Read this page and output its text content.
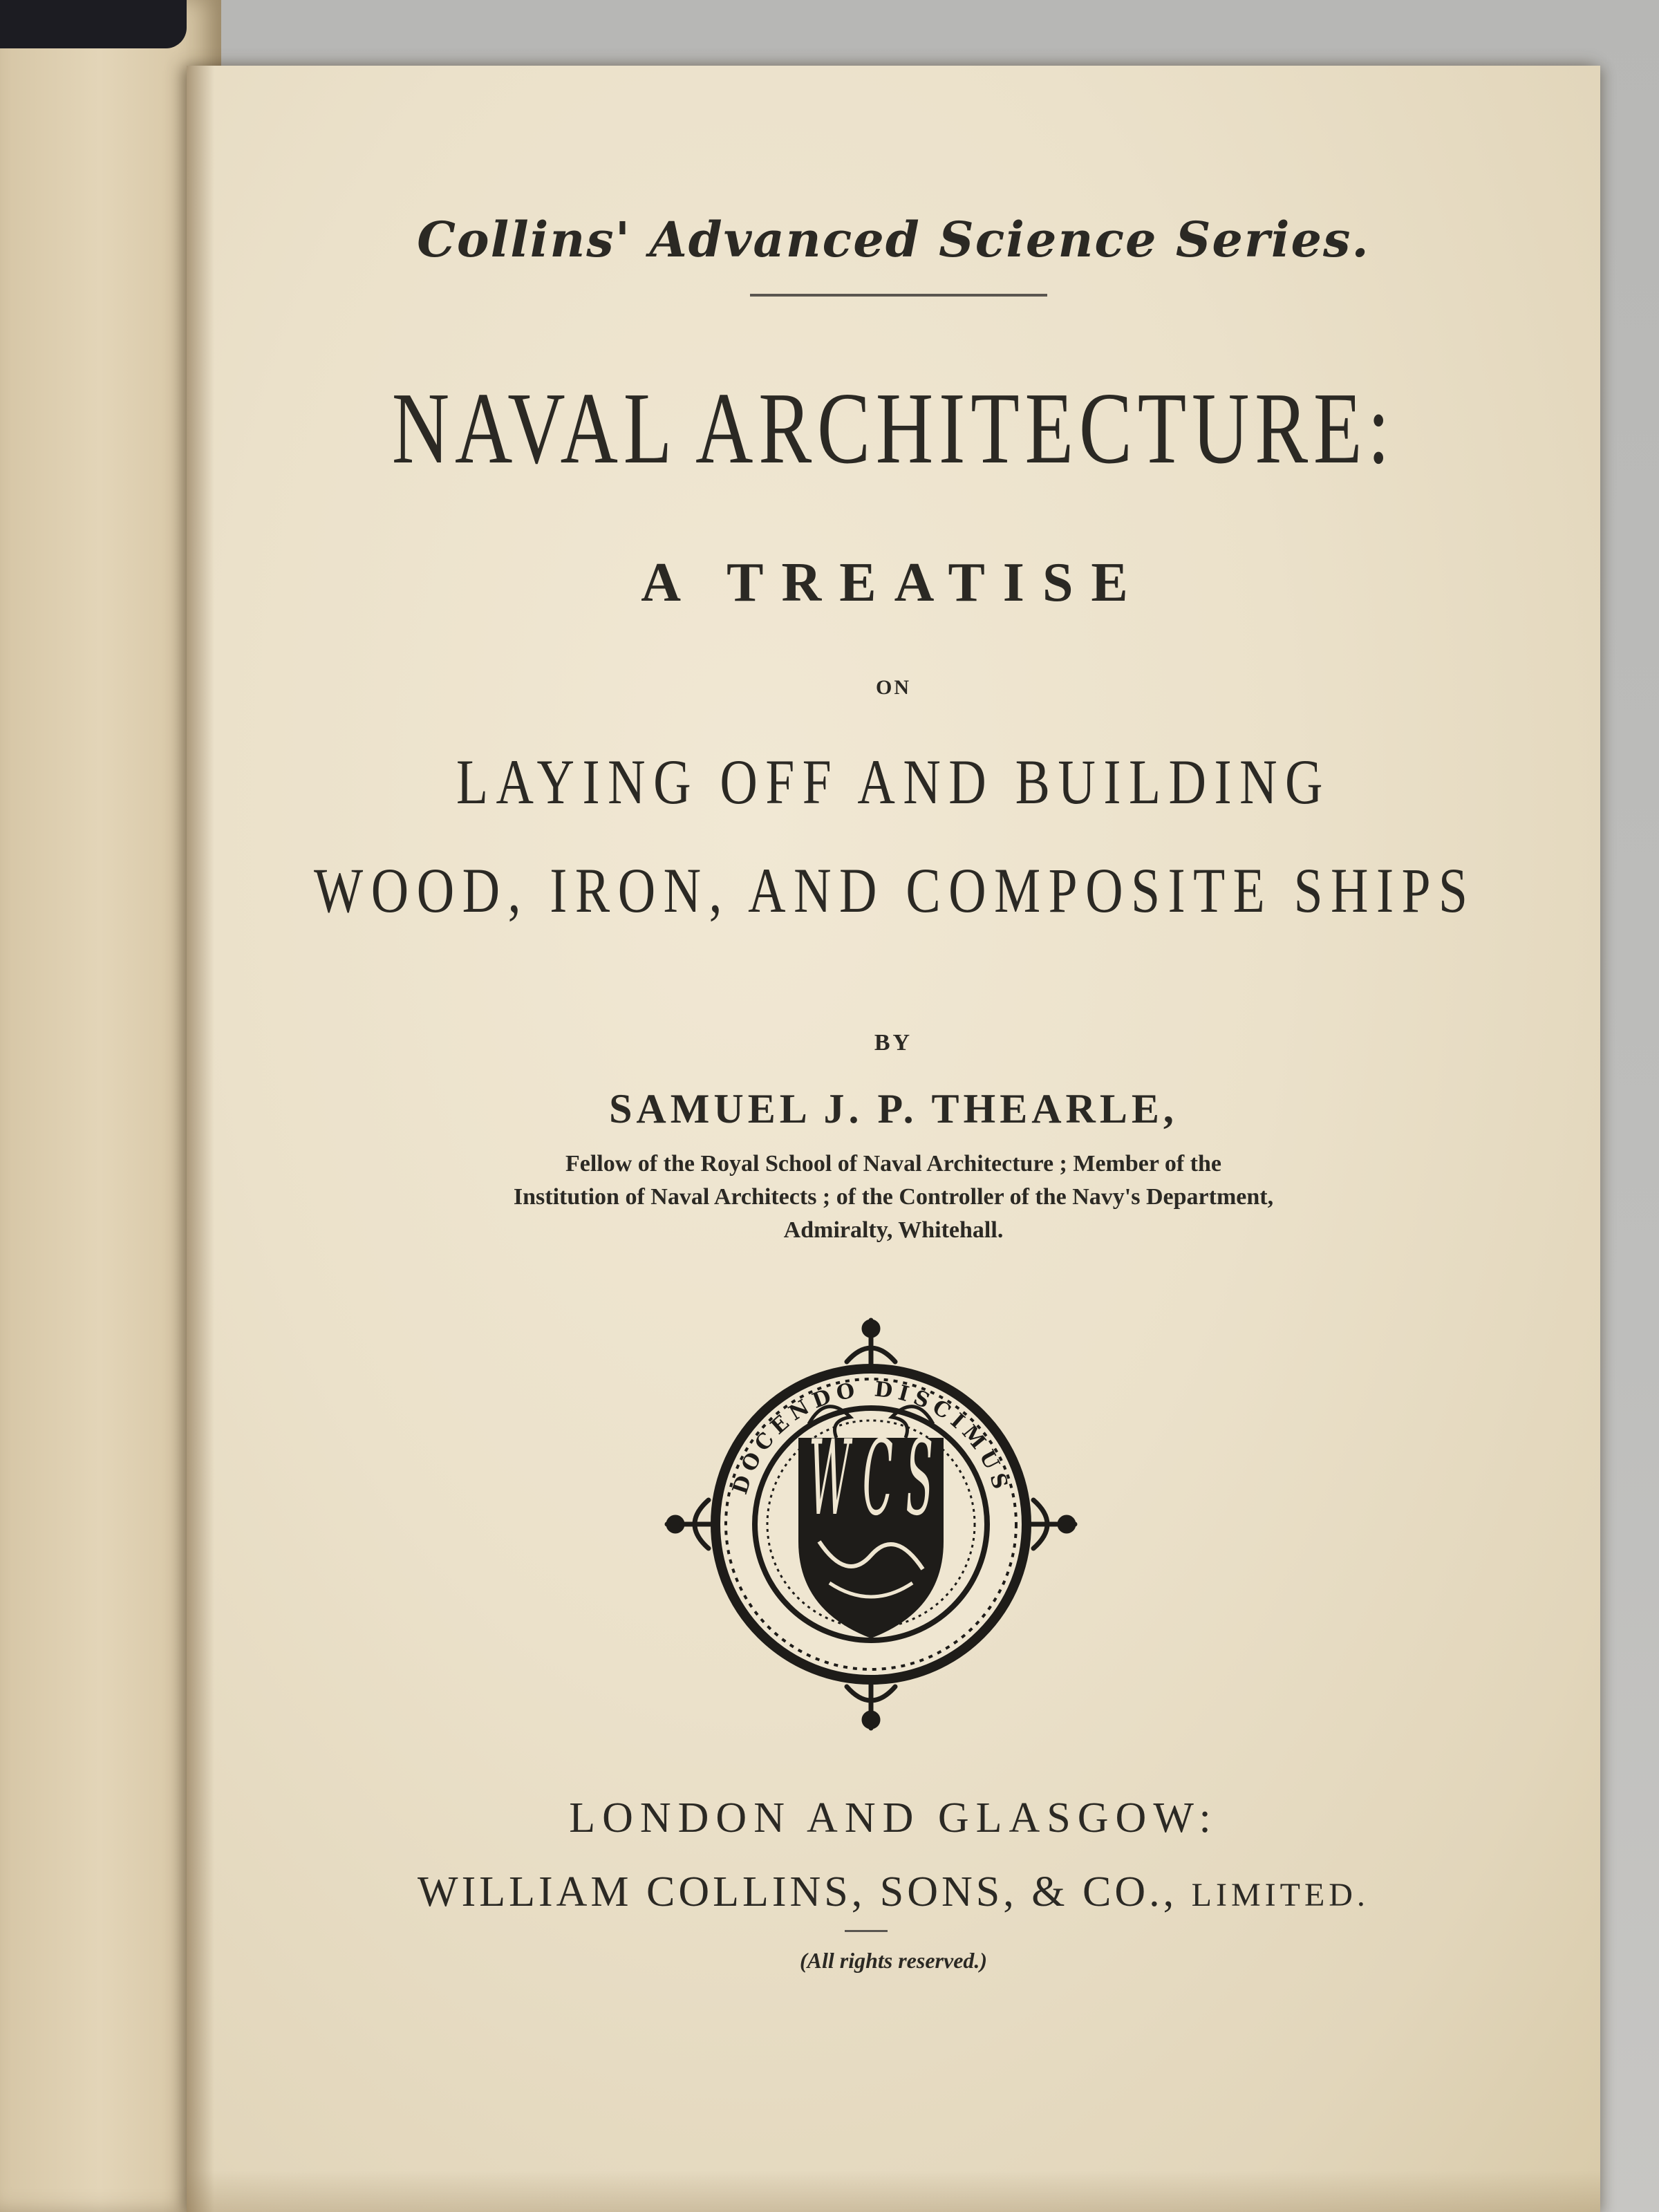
Collins' Advanced Science Series.

NAVAL ARCHITECTURE:

A TREATISE

ON

LAYING OFF AND BUILDING

WOOD, IRON, AND COMPOSITE SHIPS

BY

SAMUEL J. P. THEARLE,

Fellow of the Royal School of Naval Architecture ; Member of the
Institution of Naval Architects ; of the Controller of the Navy's Department,
Admiralty, Whitehall.

DOCENDO DISCIMUS
W C S

LONDON AND GLASGOW:

WILLIAM COLLINS, SONS, & CO., LIMITED.

(All rights reserved.)
